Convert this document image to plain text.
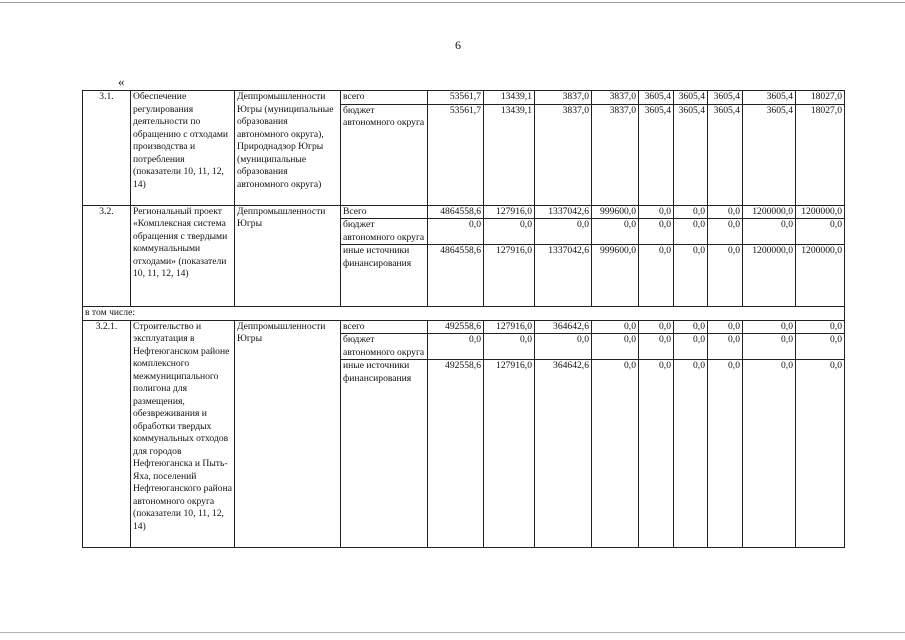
6
«
3.1.	Обеспечение регулирования деятельности по обращению с отходами производства и потребления (показатели 10, 11, 12, 14)	Деппромышленности Югры (муниципальные образования автономного округа), Природнадзор Югры (муниципальные образования автономного округа)	всего	53561,7	13439,1	3837,0	3837,0	3605,4	3605,4	3605,4	3605,4	18027,0
			бюджет автономного округа	53561,7	13439,1	3837,0	3837,0	3605,4	3605,4	3605,4	3605,4	18027,0
3.2.	Региональный проект «Комплексная система обращения с твердыми коммунальными отходами» (показатели 10, 11, 12, 14)	Деппромышленности Югры	Всего	4864558,6	127916,0	1337042,6	999600,0	0,0	0,0	0,0	1200000,0	1200000,0
			бюджет автономного округа	0,0	0,0	0,0	0,0	0,0	0,0	0,0	0,0	0,0
			иные источники финансирования	4864558,6	127916,0	1337042,6	999600,0	0,0	0,0	0,0	1200000,0	1200000,0
в том числе:												
3.2.1.	Строительство и эксплуатация в Нефтеюганском районе комплексного межмуниципального полигона для размещения, обезвреживания и обработки твердых коммунальных отходов для городов Нефтеюганска и Пыть-Яха, поселений Нефтеюганского района автономного округа (показатели 10, 11, 12, 14)	Деппромышленности Югры	всего	492558,6	127916,0	364642,6	0,0	0,0	0,0	0,0	0,0	0,0
			бюджет автономного округа	0,0	0,0	0,0	0,0	0,0	0,0	0,0	0,0	0,0
			иные источники финансирования	492558,6	127916,0	364642,6	0,0	0,0	0,0	0,0	0,0	0,0
